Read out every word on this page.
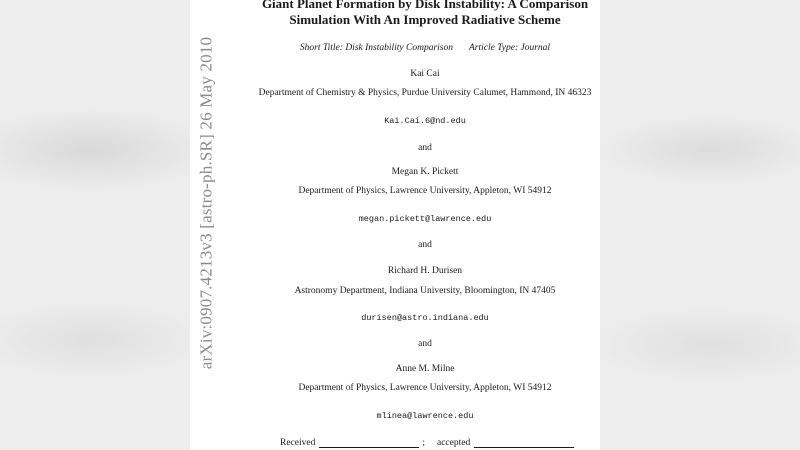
arXiv:0907.4213v3 [astro-ph.SR] 26 May 2010
Giant Planet Formation by Disk Instability: A Comparison
Simulation With An Improved Radiative Scheme
Short Title: Disk Instability Comparison Article Type: Journal
Kai Cai
Department of Chemistry & Physics, Purdue University Calumet, Hammond, IN 46323
Kai.Cai.6@nd.edu
and
Megan K. Pickett
Department of Physics, Lawrence University, Appleton, WI 54912
megan.pickett@lawrence.edu
and
Richard H. Durisen
Astronomy Department, Indiana University, Bloomington, IN 47405
durisen@astro.indiana.edu
and
Anne M. Milne
Department of Physics, Lawrence University, Appleton, WI 54912
mlinea@lawrence.edu
Received	; accepted
